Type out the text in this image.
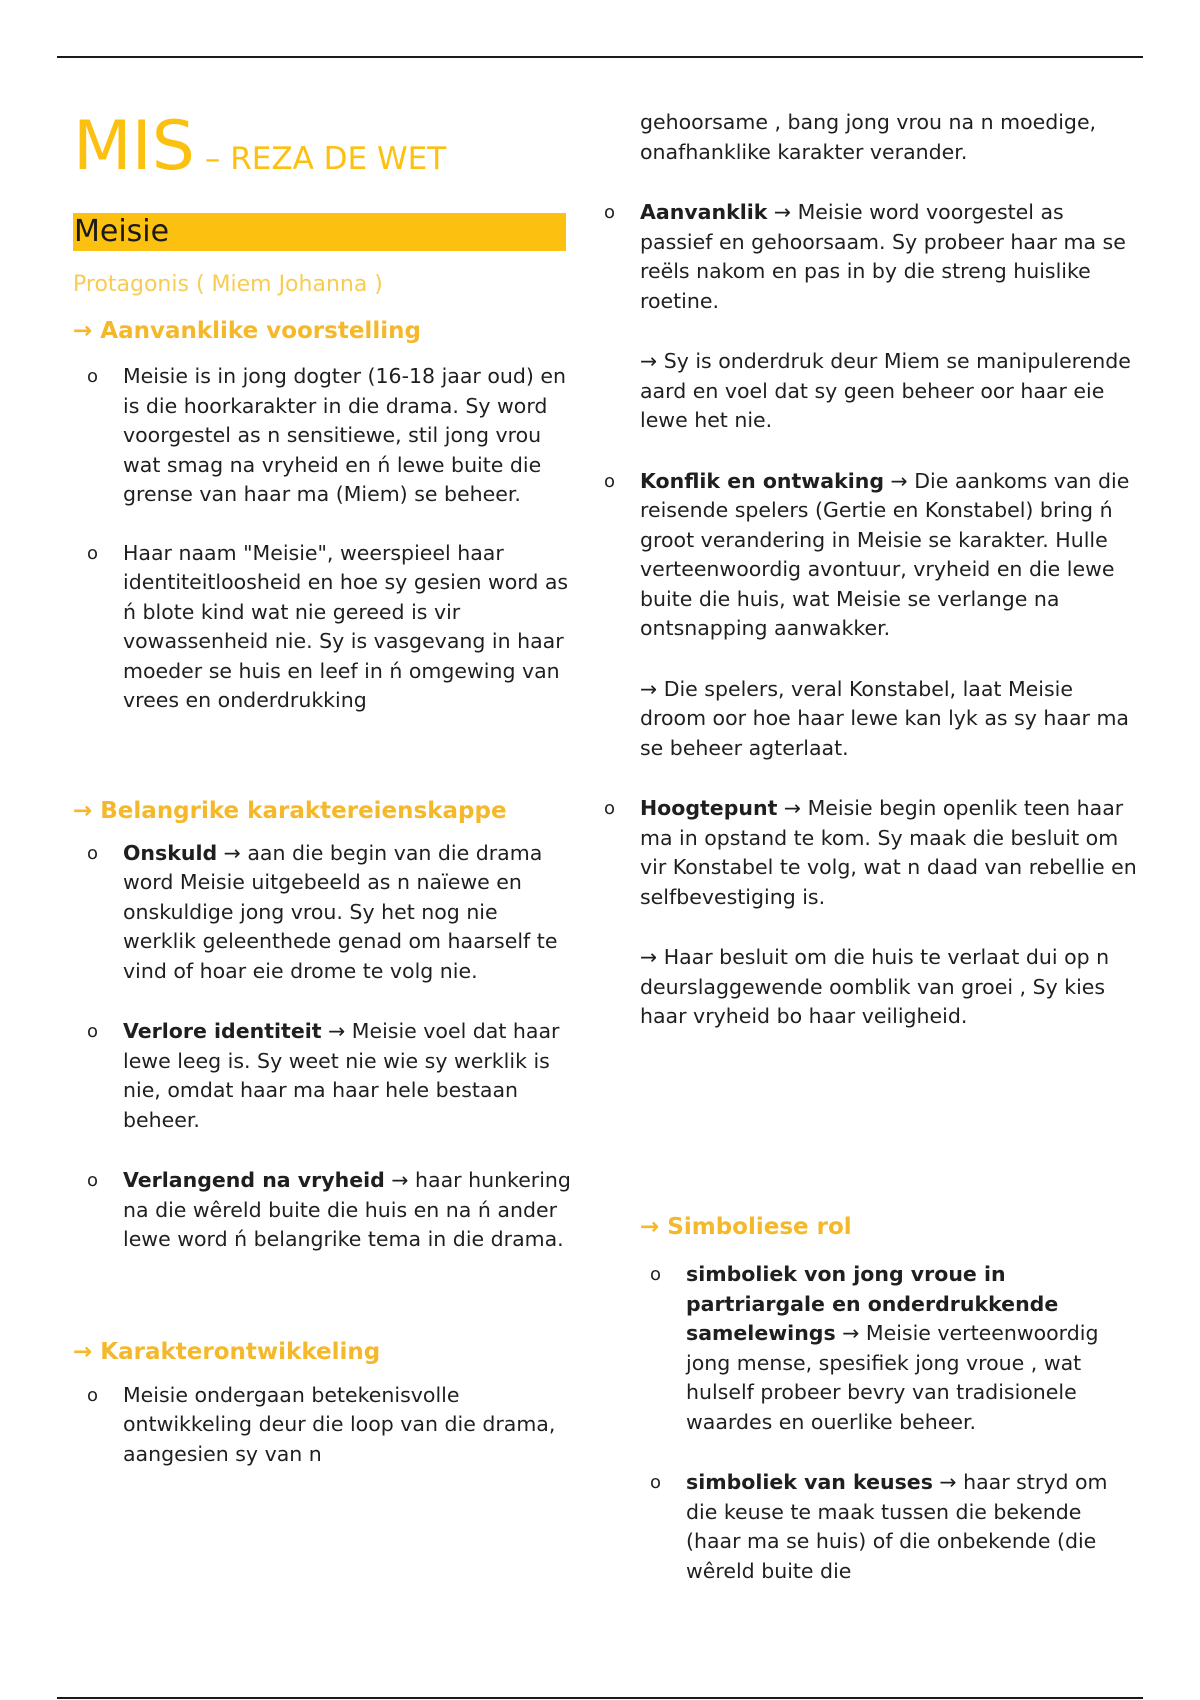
MIS – REZA DE WET
Meisie
Protagonis ( Miem Johanna )
→ Aanvanklike voorstelling
o Meisie is in jong dogter (16-18 jaar oud) en is die hoorkarakter in die drama. Sy word voorgestel as n sensitiewe, stil jong vrou wat smag na vryheid en ń lewe buite die grense van haar ma (Miem) se beheer.
o Haar naam "Meisie", weerspieel haar identiteitloosheid en hoe sy gesien word as ń blote kind wat nie gereed is vir vowassenheid nie. Sy is vasgevang in haar moeder se huis en leef in ń omgewing van vrees en onderdrukking
→ Belangrike karaktereienskappe
o Onskuld → aan die begin van die drama word Meisie uitgebeeld as n naïewe en onskuldige jong vrou. Sy het nog nie werklik geleenthede genad om haarself te vind of hoar eie drome te volg nie.
o Verlore identiteit → Meisie voel dat haar lewe leeg is. Sy weet nie wie sy werklik is nie, omdat haar ma haar hele bestaan beheer.
o Verlangend na vryheid → haar hunkering na die wêreld buite die huis en na ń ander lewe word ń belangrike tema in die drama.
→ Karakterontwikkeling
o Meisie ondergaan betekenisvolle ontwikkeling deur die loop van die drama, aangesien sy van n
gehoorsame , bang jong vrou na n moedige, onafhanklike karakter verander.
o Aanvanklik → Meisie word voorgestel as passief en gehoorsaam. Sy probeer haar ma se reëls nakom en pas in by die streng huislike roetine.
→ Sy is onderdruk deur Miem se manipulerende aard en voel dat sy geen beheer oor haar eie lewe het nie.
o Konflik en ontwaking → Die aankoms van die reisende spelers (Gertie en Konstabel) bring ń groot verandering in Meisie se karakter. Hulle verteenwoordig avontuur, vryheid en die lewe buite die huis, wat Meisie se verlange na ontsnapping aanwakker.
→ Die spelers, veral Konstabel, laat Meisie droom oor hoe haar lewe kan lyk as sy haar ma se beheer agterlaat.
o Hoogtepunt → Meisie begin openlik teen haar ma in opstand te kom. Sy maak die besluit om vir Konstabel te volg, wat n daad van rebellie en selfbevestiging is.
→ Haar besluit om die huis te verlaat dui op n deurslaggewende oomblik van groei , Sy kies haar vryheid bo haar veiligheid.
→ Simboliese rol
o simboliek von jong vroue in partriargale en onderdrukkende samelewings → Meisie verteenwoordig jong mense, spesifiek jong vroue , wat hulself probeer bevry van tradisionele waardes en ouerlike beheer.
o simboliek van keuses → haar stryd om die keuse te maak tussen die bekende (haar ma se huis) of die onbekende (die wêreld buite die
